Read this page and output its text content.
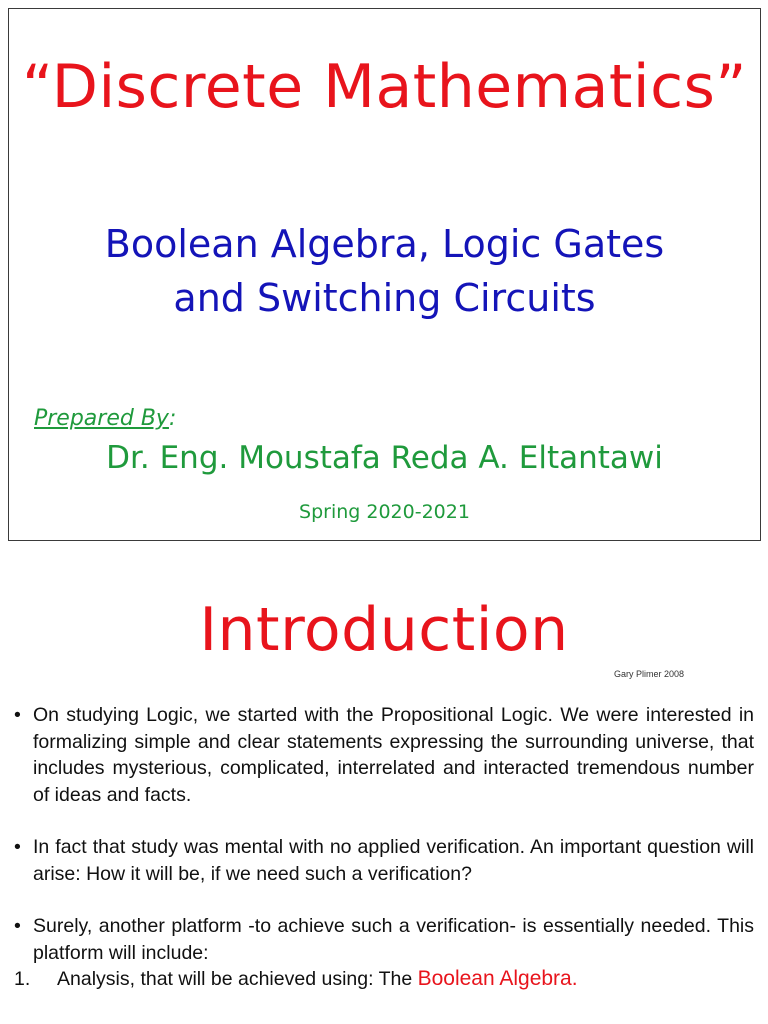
“Discrete Mathematics”
Boolean Algebra, Logic Gates
and Switching Circuits
Prepared By:
Dr. Eng. Moustafa Reda A. Eltantawi
Spring 2020-2021
Introduction
Gary Plimer 2008
• On studying Logic, we started with the Propositional Logic. We were interested in formalizing simple and clear statements expressing the surrounding universe, that includes mysterious, complicated, interrelated and interacted tremendous number of ideas and facts.
• In fact that study was mental with no applied verification. An important question will arise: How it will be, if we need such a verification?
• Surely, another platform -to achieve such a verification- is essentially needed. This platform will include:
1. Analysis, that will be achieved using: The Boolean Algebra.
